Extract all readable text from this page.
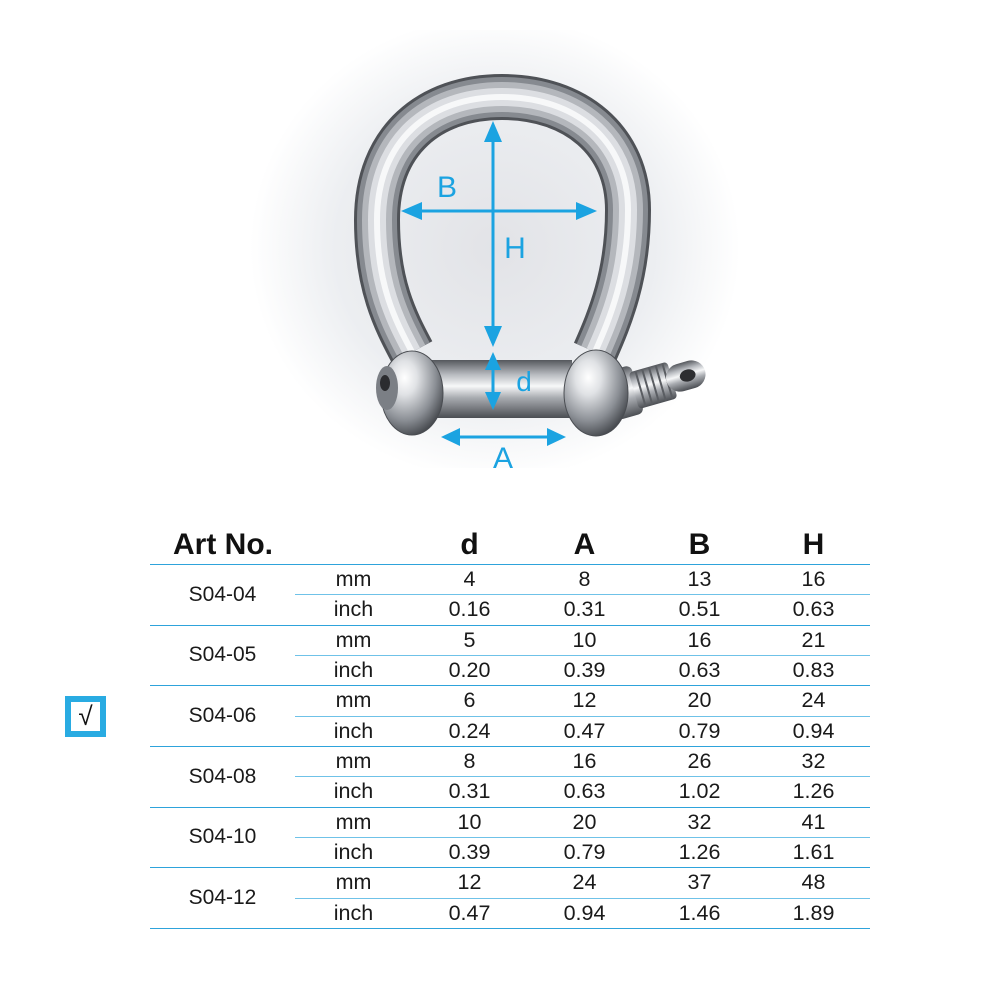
B
H
d
A
Art No.	d	A	B	H
S04-04
mm	4	8	13	16
inch	0.16	0.31	0.51	0.63
S04-05
mm	5	10	16	21
inch	0.20	0.39	0.63	0.83
S04-06
mm	6	12	20	24
inch	0.24	0.47	0.79	0.94
√
S04-08
mm	8	16	26	32
inch	0.31	0.63	1.02	1.26
S04-10
mm	10	20	32	41
inch	0.39	0.79	1.26	1.61
S04-12
mm	12	24	37	48
inch	0.47	0.94	1.46	1.89
